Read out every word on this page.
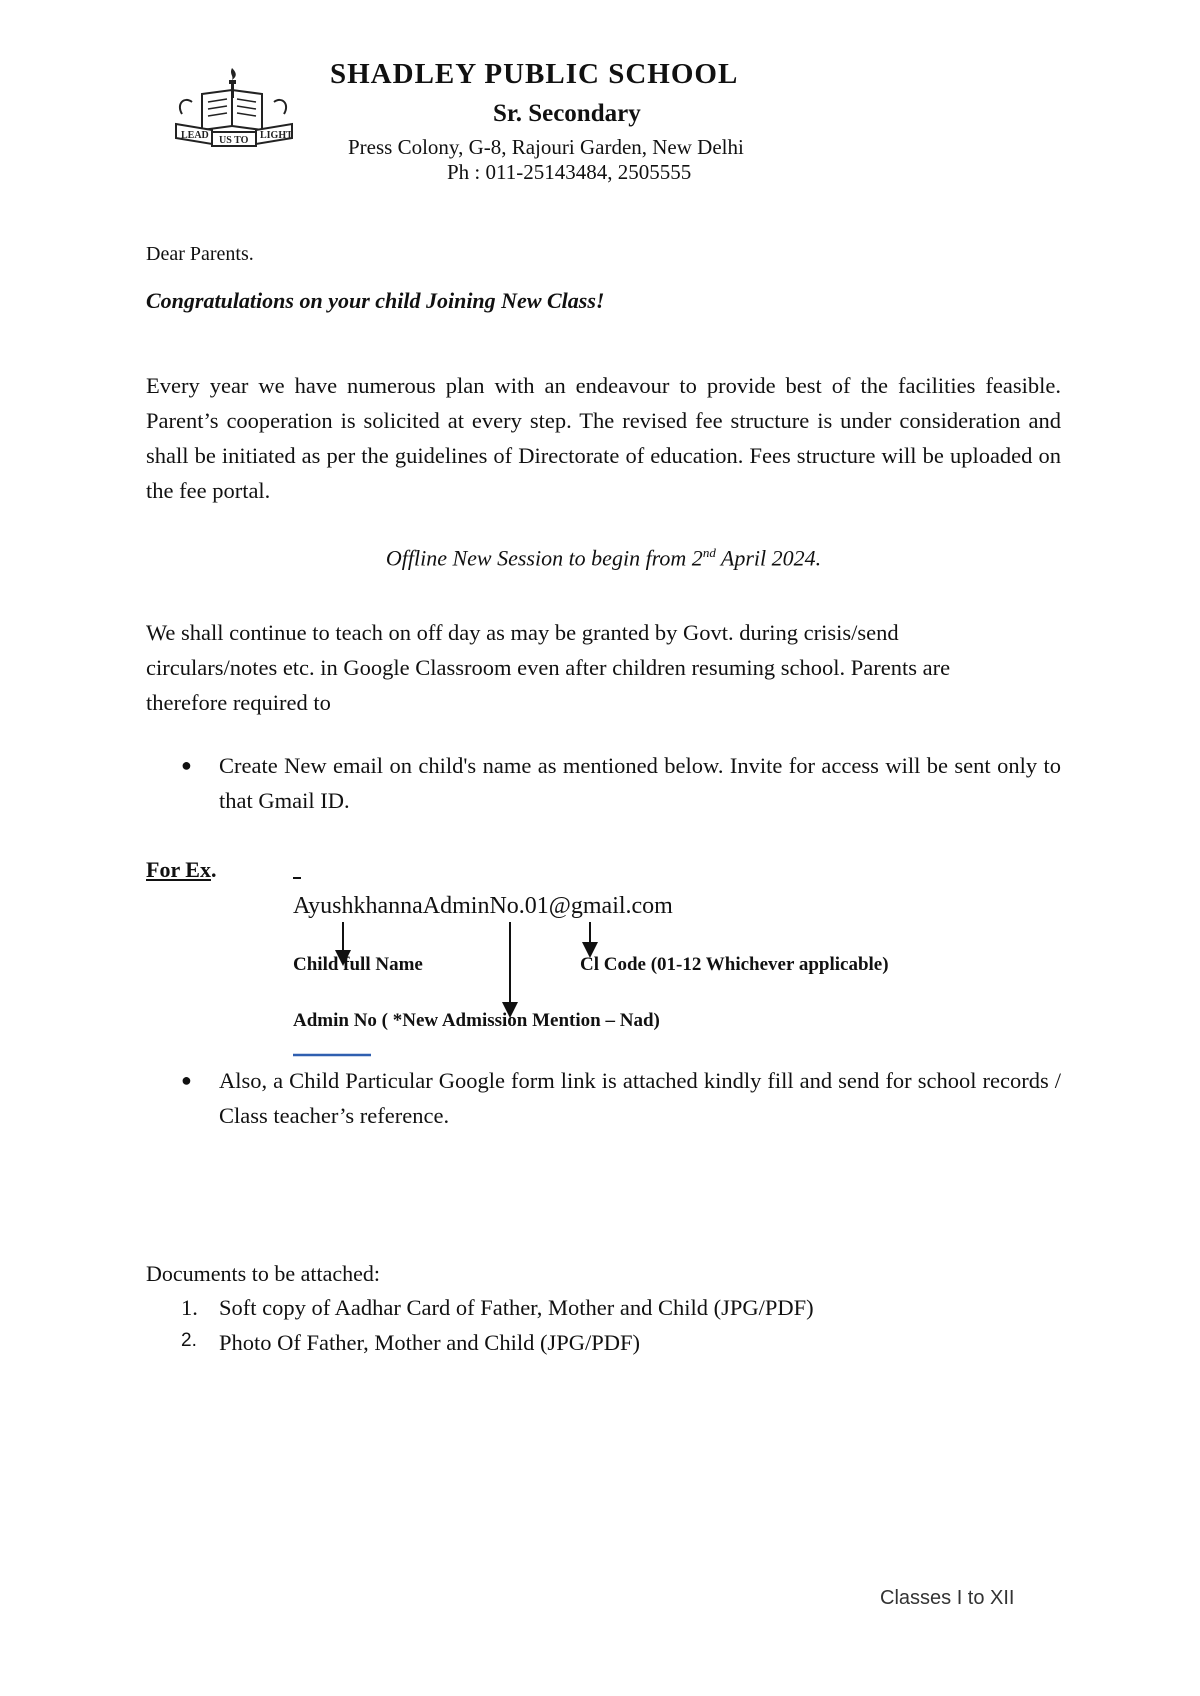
LEAD US TO LIGHT
SHADLEY PUBLIC SCHOOL
Sr. Secondary
Press Colony, G-8, Rajouri Garden, New Delhi
Ph : 011-25143484, 2505555
Dear Parents.
Congratulations on your child Joining New Class!
Every year we have numerous plan with an endeavour to provide best of the facilities feasible. Parent’s cooperation is solicited at every step. The revised fee structure is under consideration and shall be initiated as per the guidelines of Directorate of education. Fees structure will be uploaded on the fee portal.
Offline New Session to begin from 2nd April 2024.
We shall continue to teach on off day as may be granted by Govt. during crisis/send circulars/notes etc. in Google Classroom even after children resuming school. Parents are therefore required to
●	Create New email on child's name as mentioned below. Invite for access will be sent only to that Gmail ID.
For Ex.
AyushkhannaAdminNo.01@gmail.com
Child full Name	Cl Code (01-12 Whichever applicable)
Admin No ( *New Admission Mention – Nad)
●	Also, a Child Particular Google form link is attached kindly fill and send for school records / Class teacher’s reference.
Documents to be attached:
1. Soft copy of Aadhar Card of Father, Mother and Child (JPG/PDF)
2. Photo Of Father, Mother and Child (JPG/PDF)
Classes I to XII
